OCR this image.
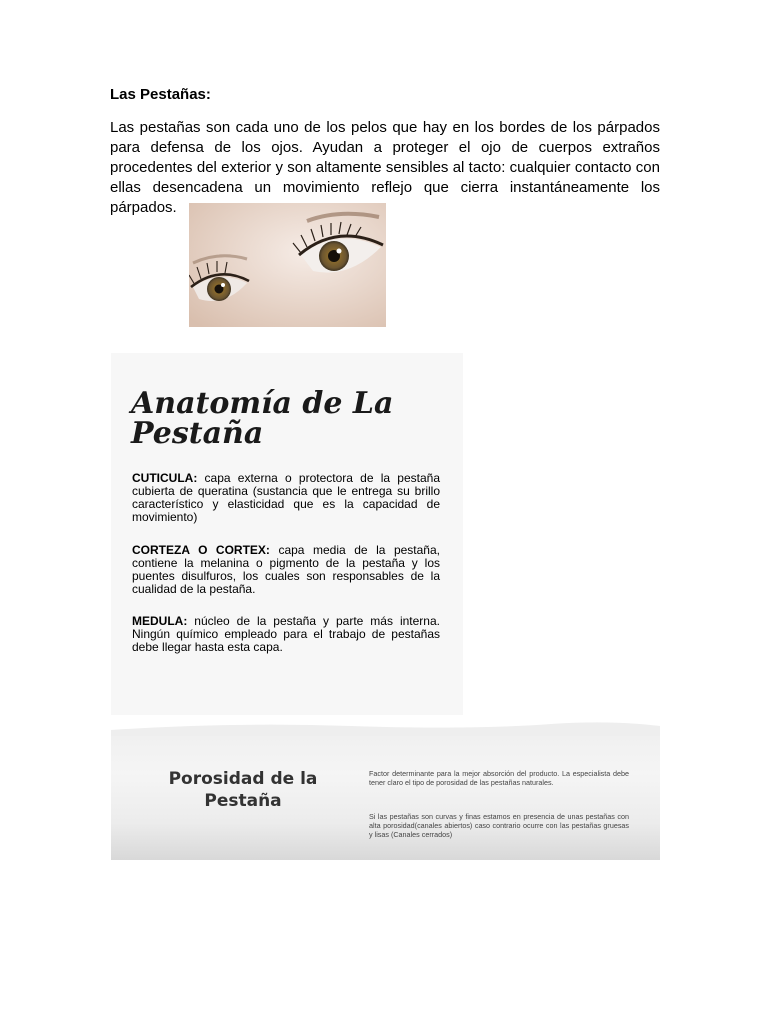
Las Pestañas:

Las pestañas son cada uno de los pelos que hay en los bordes de los párpados para defensa de los ojos. Ayudan a proteger el ojo de cuerpos extraños procedentes del exterior y son altamente sensibles al tacto: cualquier contacto con ellas desencadena un movimiento reflejo que cierra instantáneamente los párpados.

Anatomía de La
Pestaña

CUTICULA: capa externa o protectora de la pestaña cubierta de queratina (sustancia que le entrega su brillo característico y elasticidad que es la capacidad de movimiento)

CORTEZA O CORTEX: capa media de la pestaña, contiene la melanina o pigmento de la pestaña y los puentes disulfuros, los cuales son responsables de la cualidad de la pestaña.

MEDULA: núcleo de la pestaña y parte más interna. Ningún químico empleado para el trabajo de pestañas debe llegar hasta esta capa.

Porosidad de la
Pestaña

Factor determinante para la mejor absorción del producto. La especialista debe tener claro el tipo de porosidad de las pestañas naturales.

Si las pestañas son curvas y finas estamos en presencia de unas pestañas con alta porosidad(canales abiertos) caso contrario ocurre con las pestañas gruesas y lisas (Canales cerrados)
